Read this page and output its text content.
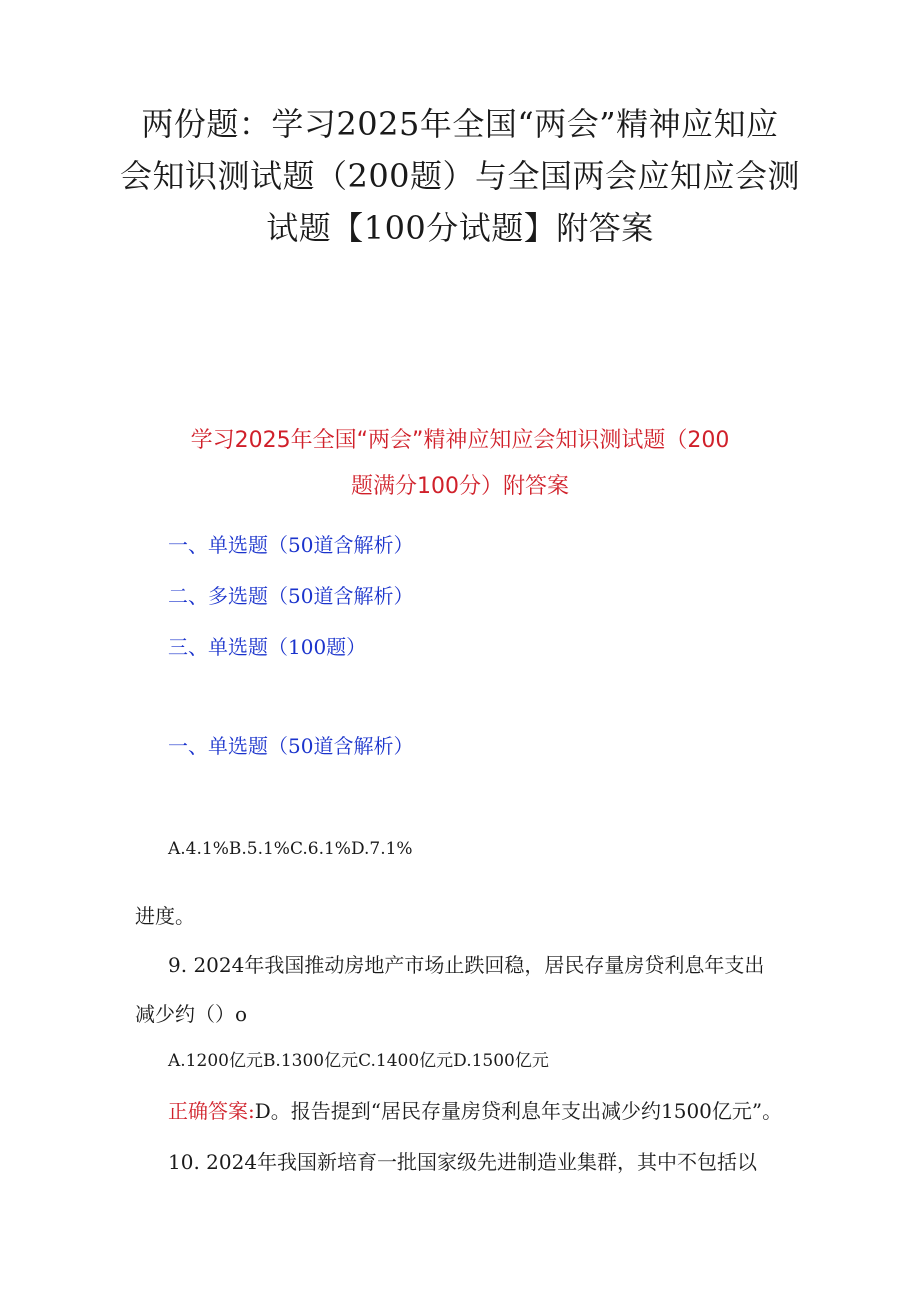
两份题：学习2025年全国“两会”精神应知应
会知识测试题（200题）与全国两会应知应会测
试题【100分试题】附答案
学习2025年全国“两会”精神应知应会知识测试题（200
题满分100分）附答案
一、单选题（50道含解析）
二、多选题（50道含解析）
三、单选题（100题）
一、单选题（50道含解析）
A.4.1%B.5.1%C.6.1%D.7.1%
进度。
9. 2024年我国推动房地产市场止跌回稳，居民存量房贷利息年支出
减少约（）o
A.1200亿元B.1300亿元C.1400亿元D.1500亿元
正确答案:D。报告提到“居民存量房贷利息年支出减少约1500亿元”。
10. 2024年我国新培育一批国家级先进制造业集群，其中不包括以
